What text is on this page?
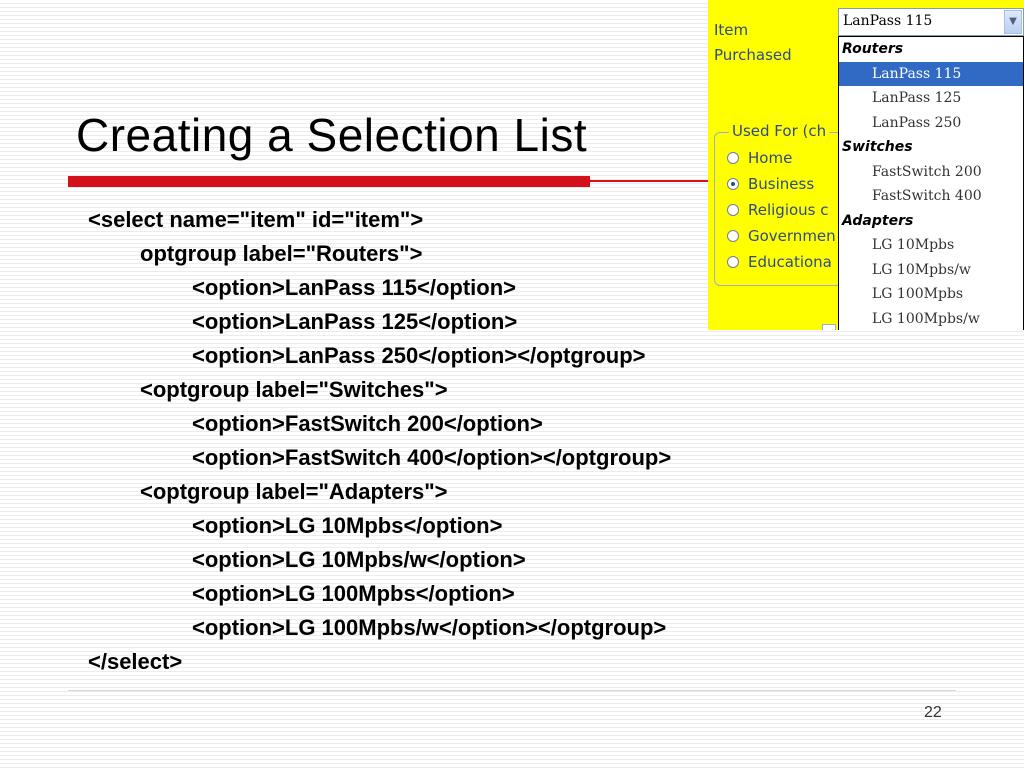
Creating a Selection List
<select name="item" id="item">
optgroup label="Routers">
<option>LanPass 115</option>
<option>LanPass 125</option>
<option>LanPass 250</option></optgroup>
<optgroup label="Switches">
<option>FastSwitch 200</option>
<option>FastSwitch 400</option></optgroup>
<optgroup label="Adapters">
<option>LG 10Mpbs</option>
<option>LG 10Mpbs/w</option>
<option>LG 100Mpbs</option>
<option>LG 100Mpbs/w</option></optgroup>
</select>
22
Item
Purchased
Used For (ch
Home
Business
Religious c
Governmen
Educationa
LanPass 115	▼
Routers
LanPass 115
LanPass 125
LanPass 250
Switches
FastSwitch 200
FastSwitch 400
Adapters
LG 10Mpbs
LG 10Mpbs/w
LG 100Mpbs
LG 100Mpbs/w
